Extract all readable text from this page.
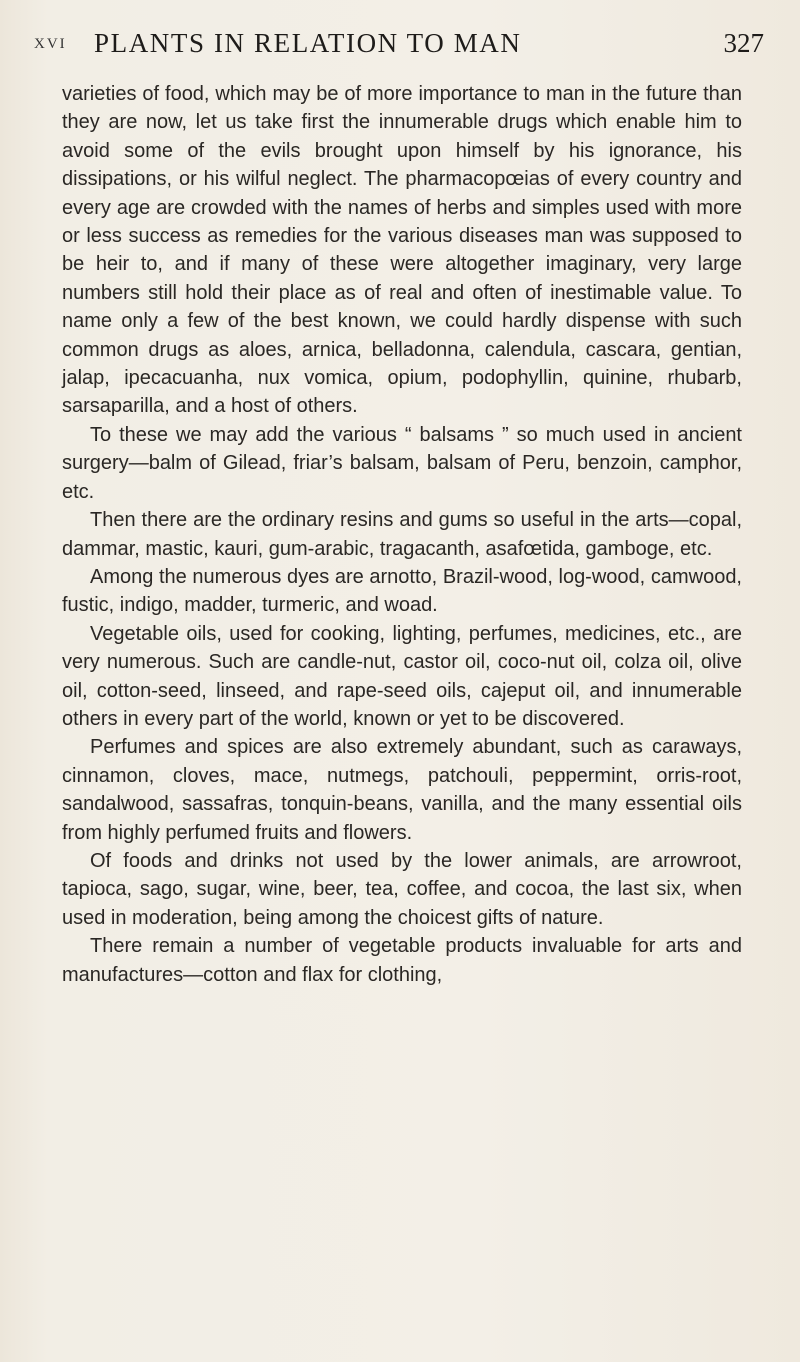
XVI PLANTS IN RELATION TO MAN	327

varieties of food, which may be of more importance to man in the future than they are now, let us take first the innumerable drugs which enable him to avoid some of the evils brought upon himself by his ignorance, his dissipations, or his wilful neglect. The pharmacopœias of every country and every age are crowded with the names of herbs and simples used with more or less success as remedies for the various diseases man was supposed to be heir to, and if many of these were altogether imaginary, very large numbers still hold their place as of real and often of inestimable value. To name only a few of the best known, we could hardly dispense with such common drugs as aloes, arnica, belladonna, calendula, cascara, gentian, jalap, ipecacuanha, nux vomica, opium, podophyllin, quinine, rhubarb, sarsaparilla, and a host of others.

To these we may add the various “ balsams ” so much used in ancient surgery—balm of Gilead, friar’s balsam, balsam of Peru, benzoin, camphor, etc.

Then there are the ordinary resins and gums so useful in the arts—copal, dammar, mastic, kauri, gum-arabic, tragacanth, asafœtida, gamboge, etc.

Among the numerous dyes are arnotto, Brazil-wood, log-wood, camwood, fustic, indigo, madder, turmeric, and woad.

Vegetable oils, used for cooking, lighting, perfumes, medicines, etc., are very numerous. Such are candle-nut, castor oil, coco-nut oil, colza oil, olive oil, cotton-seed, linseed, and rape-seed oils, cajeput oil, and innumerable others in every part of the world, known or yet to be discovered.

Perfumes and spices are also extremely abundant, such as caraways, cinnamon, cloves, mace, nutmegs, patchouli, peppermint, orris-root, sandalwood, sassafras, tonquin-beans, vanilla, and the many essential oils from highly perfumed fruits and flowers.

Of foods and drinks not used by the lower animals, are arrowroot, tapioca, sago, sugar, wine, beer, tea, coffee, and cocoa, the last six, when used in moderation, being among the choicest gifts of nature.

There remain a number of vegetable products invaluable for arts and manufactures—cotton and flax for clothing,
